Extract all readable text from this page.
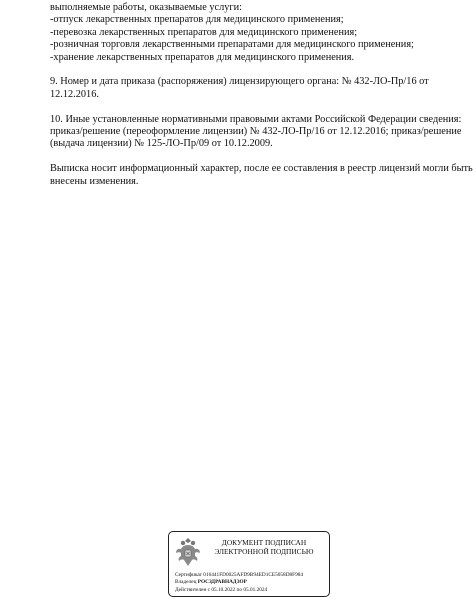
выполняемые работы, оказываемые услуги:
-отпуск лекарственных препаратов для медицинского применения;
-перевозка лекарственных препаратов для медицинского применения;
-розничная торговля лекарственными препаратами для медицинского применения;
-хранение лекарственных препаратов для медицинского применения.
9. Номер и дата приказа (распоряжения) лицензирующего органа: № 432-ЛО-Пр/16 от
12.12.2016.
10. Иные установленные нормативными правовыми актами Российской Федерации сведения:
приказ/решение (переоформление лицензии) № 432-ЛО-Пр/16 от 12.12.2016; приказ/решение
(выдача лицензии) № 125-ЛО-Пр/09 от 10.12.2009.
Выписка носит информационный характер, после ее составления в реестр лицензий могли быть
внесены изменения.
ДОКУМЕНТ ПОДПИСАН
ЭЛЕКТРОННОЙ ПОДПИСЬЮ
Сертификат 016441FD0025AFD9B94ED1CE5058D8F984
Владелец РОСЗДРАВНАДЗОР
Действителен с 05.10.2022 по 05.01.2024
